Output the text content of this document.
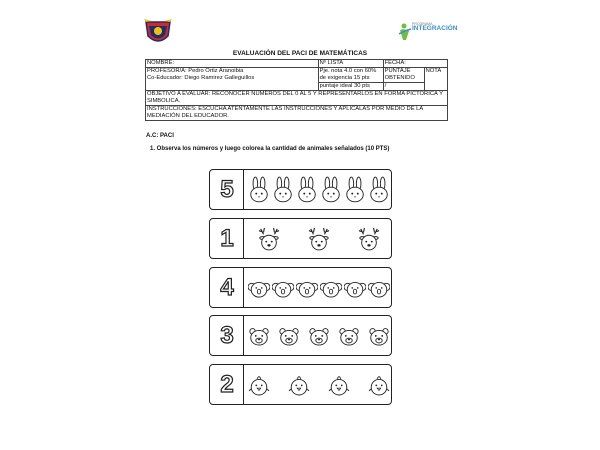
PROGRAMA
INTEGRACIÓN
EVALUACIÓN DEL PACI DE MATEMÁTICAS
NOMBRE:	Nº LISTA	FECHA:	

PROFESOR/A: Pedro Ortiz Aranoibia
Co-Educador: Diego Ramirez Galleguillos	Pje. nota 4.0 con 60% de exigencia 15 pts	PUNTAJE OBTENIDO	NOTA
	puntaje ideal 30 pts	/	
OBJETIVO A EVALUAR: RECONOCER NÚMEROS DEL 0 AL 5 Y REPRESENTARLOS EN FORMA PICTORICA Y SIMBOLICA.			
INSTRUCCIONES: ESCUCHA ATENTAMENTE LAS INSTRUCCIONES Y APLICALAS POR MEDIO DE LA MEDIACIÓN DEL EDUCADOR.			
A.C: PACI
1. Observa los números y luego colorea la cantidad de animales señalados (10 PTS)
5
1
4
3
2
